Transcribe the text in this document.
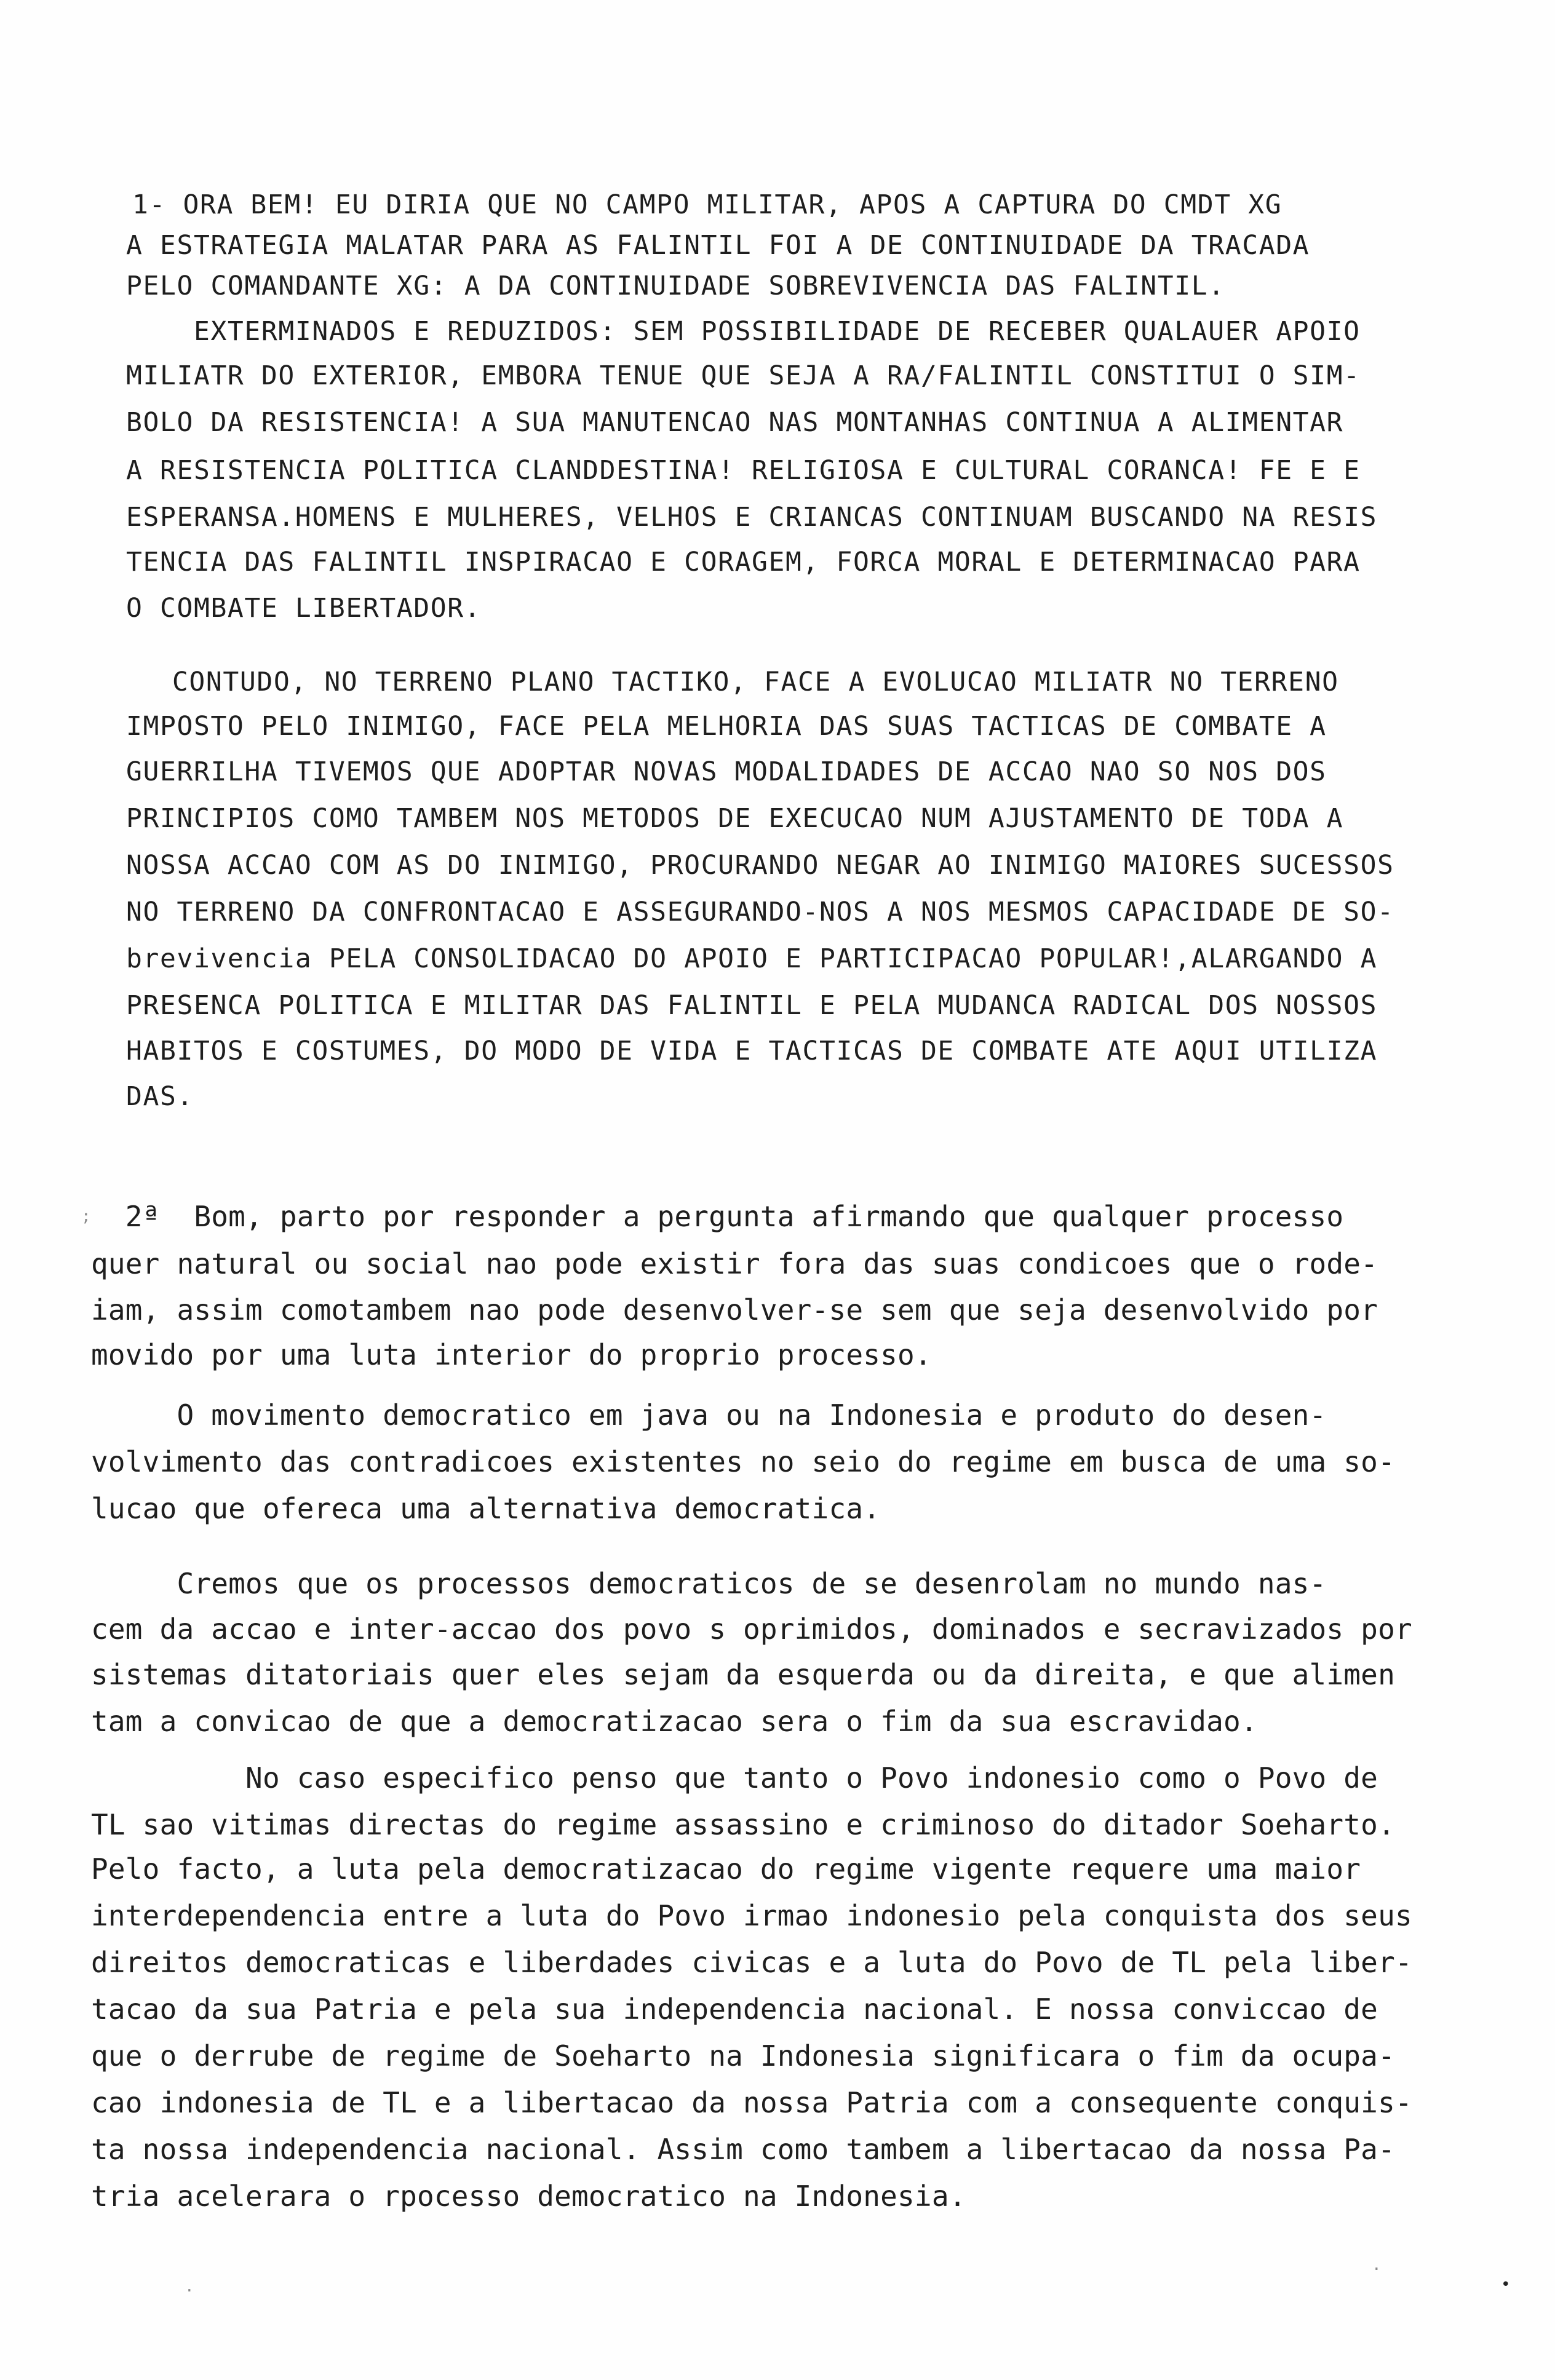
1- ORA BEM! EU DIRIA QUE NO CAMPO MILITAR, APOS A CAPTURA DO CMDT XG
A ESTRATEGIA MALATAR PARA AS FALINTIL FOI A DE CONTINUIDADE DA TRACADA
PELO COMANDANTE XG: A DA CONTINUIDADE SOBREVIVENCIA DAS FALINTIL.
EXTERMINADOS E REDUZIDOS: SEM POSSIBILIDADE DE RECEBER QUALAUER APOIO
MILIATR DO EXTERIOR, EMBORA TENUE QUE SEJA A RA/FALINTIL CONSTITUI O SIM-
BOLO DA RESISTENCIA! A SUA MANUTENCAO NAS MONTANHAS CONTINUA A ALIMENTAR
A RESISTENCIA POLITICA CLANDDESTINA! RELIGIOSA E CULTURAL CORANCA! FE E E
ESPERANSA.HOMENS E MULHERES, VELHOS E CRIANCAS CONTINUAM BUSCANDO NA RESIS
TENCIA DAS FALINTIL INSPIRACAO E CORAGEM, FORCA MORAL E DETERMINACAO PARA
O COMBATE LIBERTADOR.
CONTUDO, NO TERRENO PLANO TACTIKO, FACE A EVOLUCAO MILIATR NO TERRENO
IMPOSTO PELO INIMIGO, FACE PELA MELHORIA DAS SUAS TACTICAS DE COMBATE A
GUERRILHA TIVEMOS QUE ADOPTAR NOVAS MODALIDADES DE ACCAO NAO SO NOS DOS
PRINCIPIOS COMO TAMBEM NOS METODOS DE EXECUCAO NUM AJUSTAMENTO DE TODA A
NOSSA ACCAO COM AS DO INIMIGO, PROCURANDO NEGAR AO INIMIGO MAIORES SUCESSOS
NO TERRENO DA CONFRONTACAO E ASSEGURANDO-NOS A NOS MESMOS CAPACIDADE DE SO-
brevivencia PELA CONSOLIDACAO DO APOIO E PARTICIPACAO POPULAR!,ALARGANDO A
PRESENCA POLITICA E MILITAR DAS FALINTIL E PELA MUDANCA RADICAL DOS NOSSOS
HABITOS E COSTUMES, DO MODO DE VIDA E TACTICAS DE COMBATE ATE AQUI UTILIZA
DAS.
; 2ª  Bom, parto por responder a pergunta afirmando que qualquer processo
quer natural ou social nao pode existir fora das suas condicoes que o rode-
iam, assim comotambem nao pode desenvolver-se sem que seja desenvolvido por
movido por uma luta interior do proprio processo.
O movimento democratico em java ou na Indonesia e produto do desen-
volvimento das contradicoes existentes no seio do regime em busca de uma so-
lucao que ofereca uma alternativa democratica.
Cremos que os processos democraticos de se desenrolam no mundo nas-
cem da accao e inter-accao dos povo s oprimidos, dominados e secravizados por
sistemas ditatoriais quer eles sejam da esquerda ou da direita, e que alimen
tam a convicao de que a democratizacao sera o fim da sua escravidao.
No caso especifico penso que tanto o Povo indonesio como o Povo de
TL sao vitimas directas do regime assassino e criminoso do ditador Soeharto.
Pelo facto, a luta pela democratizacao do regime vigente requere uma maior
interdependencia entre a luta do Povo irmao indonesio pela conquista dos seus
direitos democraticas e liberdades civicas e a luta do Povo de TL pela liber-
tacao da sua Patria e pela sua independencia nacional. E nossa conviccao de
que o derrube de regime de Soeharto na Indonesia significara o fim da ocupa-
cao indonesia de TL e a libertacao da nossa Patria com a consequente conquis-
ta nossa independencia nacional. Assim como tambem a libertacao da nossa Pa-
tria acelerara o rpocesso democratico na Indonesia.
·
•
·
